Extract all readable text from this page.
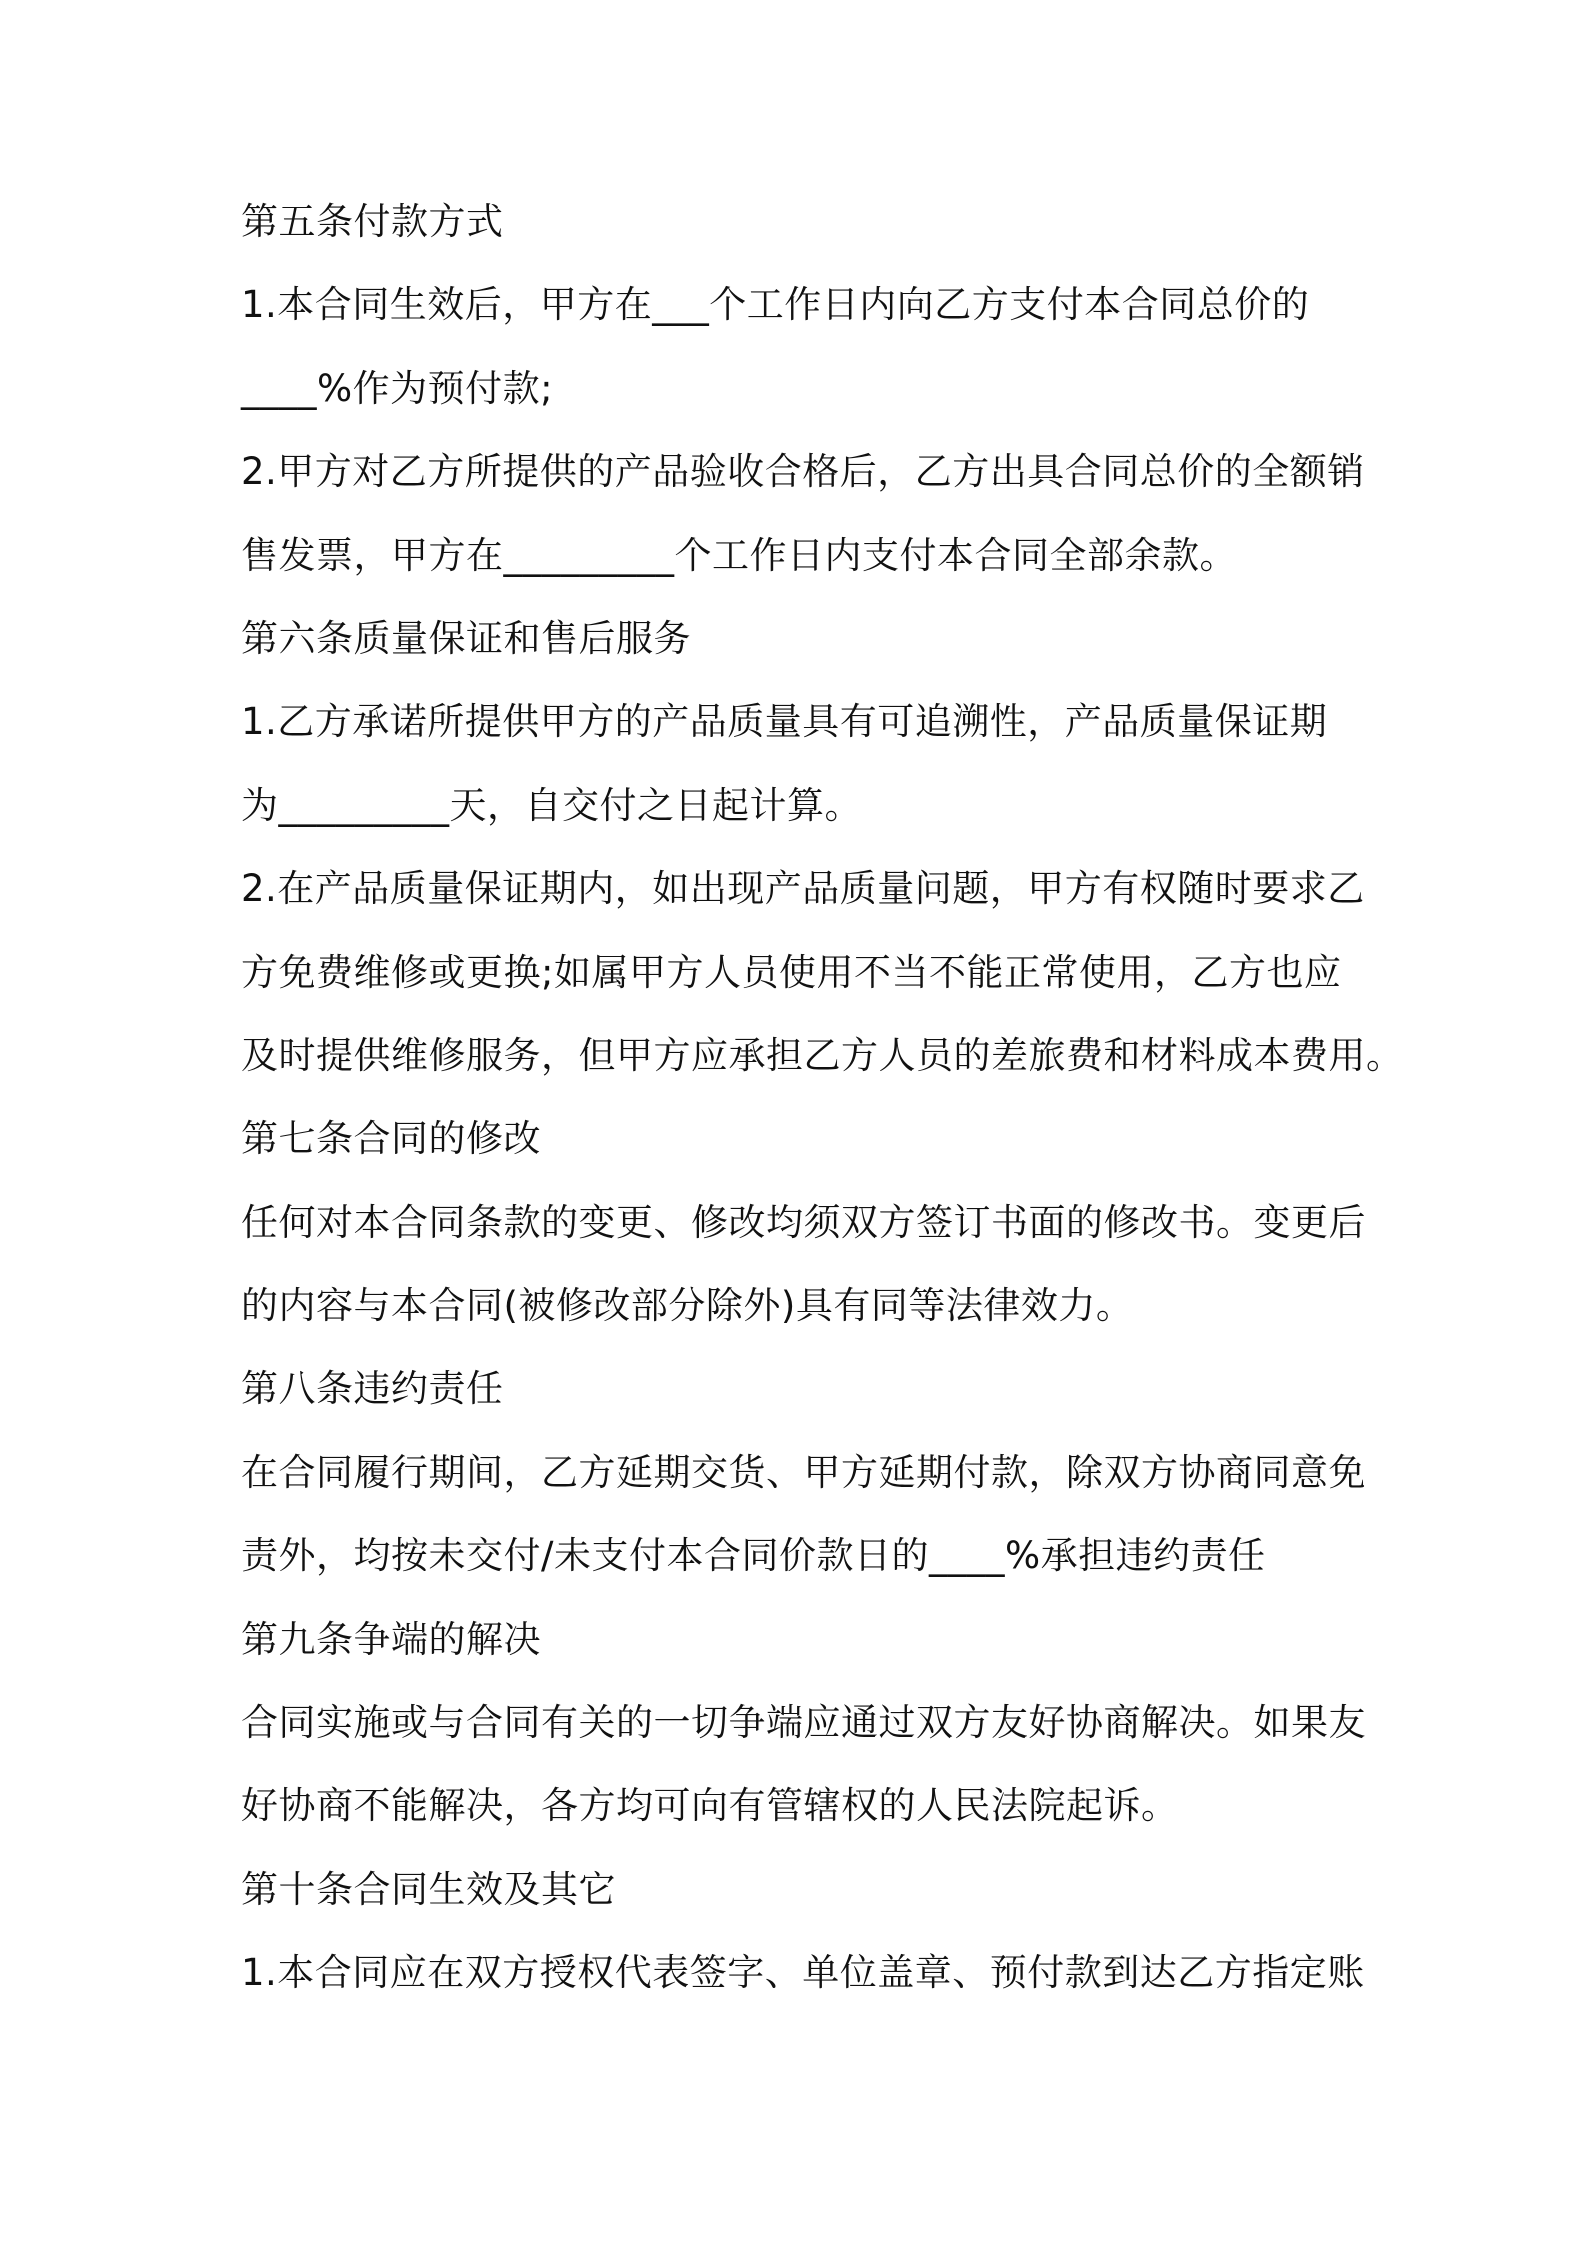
第五条付款方式
1.本合同生效后，甲方在___个工作日内向乙方支付本合同总价的
____%作为预付款;
2.甲方对乙方所提供的产品验收合格后，乙方出具合同总价的全额销
售发票，甲方在_________个工作日内支付本合同全部余款。
第六条质量保证和售后服务
1.乙方承诺所提供甲方的产品质量具有可追溯性，产品质量保证期
为_________天，自交付之日起计算。
2.在产品质量保证期内，如出现产品质量问题，甲方有权随时要求乙
方免费维修或更换;如属甲方人员使用不当不能正常使用，乙方也应
及时提供维修服务，但甲方应承担乙方人员的差旅费和材料成本费用。
第七条合同的修改
任何对本合同条款的变更、修改均须双方签订书面的修改书。变更后
的内容与本合同(被修改部分除外)具有同等法律效力。
第八条违约责任
在合同履行期间，乙方延期交货、甲方延期付款，除双方协商同意免
责外，均按未交付/未支付本合同价款日的____%承担违约责任
第九条争端的解决
合同实施或与合同有关的一切争端应通过双方友好协商解决。如果友
好协商不能解决，各方均可向有管辖权的人民法院起诉。
第十条合同生效及其它
1.本合同应在双方授权代表签字、单位盖章、预付款到达乙方指定账
